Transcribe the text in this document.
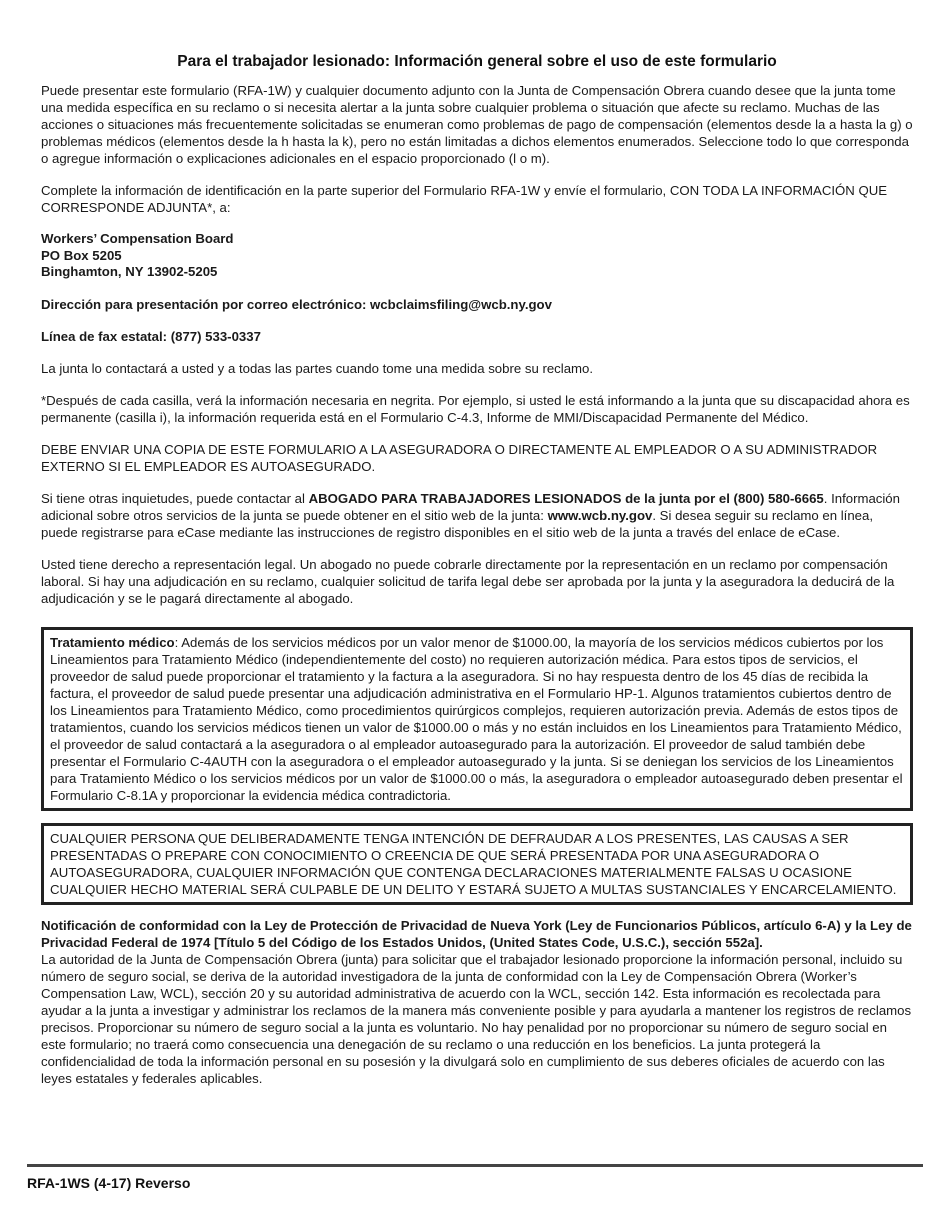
Para el trabajador lesionado: Información general sobre el uso de este formulario

Puede presentar este formulario (RFA-1W) y cualquier documento adjunto con la Junta de Compensación Obrera cuando desee que la junta tome una medida específica en su reclamo o si necesita alertar a la junta sobre cualquier problema o situación que afecte su reclamo. Muchas de las acciones o situaciones más frecuentemente solicitadas se enumeran como problemas de pago de compensación (elementos desde la a hasta la g) o problemas médicos (elementos desde la h hasta la k), pero no están limitadas a dichos elementos enumerados. Seleccione todo lo que corresponda o agregue información o explicaciones adicionales en el espacio proporcionado (l o m).

Complete la información de identificación en la parte superior del Formulario RFA-1W y envíe el formulario, CON TODA LA INFORMACIÓN QUE CORRESPONDE ADJUNTA*, a:

Workers’ Compensation Board
PO Box 5205
Binghamton, NY 13902-5205

Dirección para presentación por correo electrónico: wcbclaimsfiling@wcb.ny.gov

Línea de fax estatal: (877) 533-0337

La junta lo contactará a usted y a todas las partes cuando tome una medida sobre su reclamo.

*Después de cada casilla, verá la información necesaria en negrita. Por ejemplo, si usted le está informando a la junta que su discapacidad ahora es permanente (casilla i), la información requerida está en el Formulario C-4.3, Informe de MMI/Discapacidad Permanente del Médico.

DEBE ENVIAR UNA COPIA DE ESTE FORMULARIO A LA ASEGURADORA O DIRECTAMENTE AL EMPLEADOR O A SU ADMINISTRADOR EXTERNO SI EL EMPLEADOR ES AUTOASEGURADO.

Si tiene otras inquietudes, puede contactar al ABOGADO PARA TRABAJADORES LESIONADOS de la junta por el (800) 580-6665. Información adicional sobre otros servicios de la junta se puede obtener en el sitio web de la junta: www.wcb.ny.gov. Si desea seguir su reclamo en línea, puede registrarse para eCase mediante las instrucciones de registro disponibles en el sitio web de la junta a través del enlace de eCase.

Usted tiene derecho a representación legal. Un abogado no puede cobrarle directamente por la representación en un reclamo por compensación laboral. Si hay una adjudicación en su reclamo, cualquier solicitud de tarifa legal debe ser aprobada por la junta y la aseguradora la deducirá de la adjudicación y se le pagará directamente al abogado.

Tratamiento médico: Además de los servicios médicos por un valor menor de $1000.00, la mayoría de los servicios médicos cubiertos por los Lineamientos para Tratamiento Médico (independientemente del costo) no requieren autorización médica. Para estos tipos de servicios, el proveedor de salud puede proporcionar el tratamiento y la factura a la aseguradora. Si no hay respuesta dentro de los 45 días de recibida la factura, el proveedor de salud puede presentar una adjudicación administrativa en el Formulario HP-1. Algunos tratamientos cubiertos dentro de los Lineamientos para Tratamiento Médico, como procedimientos quirúrgicos complejos, requieren autorización previa. Además de estos tipos de tratamientos, cuando los servicios médicos tienen un valor de $1000.00 o más y no están incluidos en los Lineamientos para Tratamiento Médico, el proveedor de salud contactará a la aseguradora o al empleador autoasegurado para la autorización. El proveedor de salud también debe presentar el Formulario C-4AUTH con la aseguradora o el empleador autoasegurado y la junta. Si se deniegan los servicios de los Lineamientos para Tratamiento Médico o los servicios médicos por un valor de $1000.00 o más, la aseguradora o empleador autoasegurado deben presentar el Formulario C-8.1A y proporcionar la evidencia médica contradictoria.
CUALQUIER PERSONA QUE DELIBERADAMENTE TENGA INTENCIÓN DE DEFRAUDAR A LOS PRESENTES, LAS CAUSAS A SER PRESENTADAS O PREPARE CON CONOCIMIENTO O CREENCIA DE QUE SERÁ PRESENTADA POR UNA ASEGURADORA O AUTOASEGURADORA, CUALQUIER INFORMACIÓN QUE CONTENGA DECLARACIONES MATERIALMENTE FALSAS U OCASIONE CUALQUIER HECHO MATERIAL SERÁ CULPABLE DE UN DELITO Y ESTARÁ SUJETO A MULTAS SUSTANCIALES Y ENCARCELAMIENTO.
Notificación de conformidad con la Ley de Protección de Privacidad de Nueva York (Ley de Funcionarios Públicos, artículo 6-A) y la Ley de Privacidad Federal de 1974 [Título 5 del Código de los Estados Unidos, (United States Code, U.S.C.), sección 552a].
La autoridad de la Junta de Compensación Obrera (junta) para solicitar que el trabajador lesionado proporcione la información personal, incluido su número de seguro social, se deriva de la autoridad investigadora de la junta de conformidad con la Ley de Compensación Obrera (Worker’s Compensation Law, WCL), sección 20 y su autoridad administrativa de acuerdo con la WCL, sección 142. Esta información es recolectada para ayudar a la junta a investigar y administrar los reclamos de la manera más conveniente posible y para ayudarla a mantener los registros de reclamos precisos. Proporcionar su número de seguro social a la junta es voluntario. No hay penalidad por no proporcionar su número de seguro social en este formulario; no traerá como consecuencia una denegación de su reclamo o una reducción en los beneficios. La junta protegerá la confidencialidad de toda la información personal en su posesión y la divulgará solo en cumplimiento de sus deberes oficiales de acuerdo con las leyes estatales y federales aplicables.
RFA-1WS (4-17) Reverso
